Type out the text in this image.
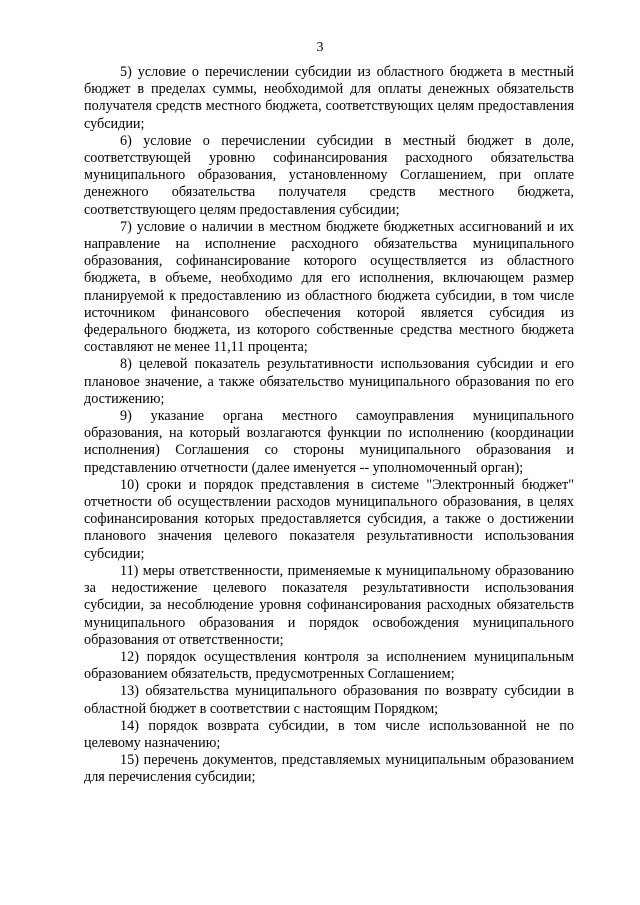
3

5) условие о перечислении субсидии из областного бюджета в местный бюджет в пределах суммы, необходимой для оплаты денежных обязательств получателя средств местного бюджета, соответствующих целям предоставления субсидии;

6) условие о перечислении субсидии в местный бюджет в доле, соответствующей уровню софинансирования расходного обязательства муниципального образования, установленному Соглашением, при оплате денежного обязательства получателя средств местного бюджета, соответствующего целям предоставления субсидии;

7) условие о наличии в местном бюджете бюджетных ассигнований и их направление на исполнение расходного обязательства муниципального образования, софинансирование которого осуществляется из областного бюджета, в объеме, необходимо для его исполнения, включающем размер планируемой к предоставлению из областного бюджета субсидии, в том числе источником финансового обеспечения которой является субсидия из федерального бюджета, из которого собственные средства местного бюджета составляют не менее 11,11 процента;

8) целевой показатель результативности использования субсидии и его плановое значение, а также обязательство муниципального образования по его достижению;

9) указание органа местного самоуправления муниципального образования, на который возлагаются функции по исполнению (координации исполнения) Соглашения со стороны муниципального образования и представлению отчетности (далее именуется -- уполномоченный орган);

10) сроки и порядок представления в системе "Электронный бюджет" отчетности об осуществлении расходов муниципального образования, в целях софинансирования которых предоставляется субсидия, а также о достижении планового значения целевого показателя результативности использования субсидии;

11) меры ответственности, применяемые к муниципальному образованию за недостижение целевого показателя результативности использования субсидии, за несоблюдение уровня софинансирования расходных обязательств муниципального образования и порядок освобождения муниципального образования от ответственности;

12) порядок осуществления контроля за исполнением муниципальным образованием обязательств, предусмотренных Соглашением;

13) обязательства муниципального образования по возврату субсидии в областной бюджет в соответствии с настоящим Порядком;

14) порядок возврата субсидии, в том числе использованной не по целевому назначению;

15) перечень документов, представляемых муниципальным образованием для перечисления субсидии;
